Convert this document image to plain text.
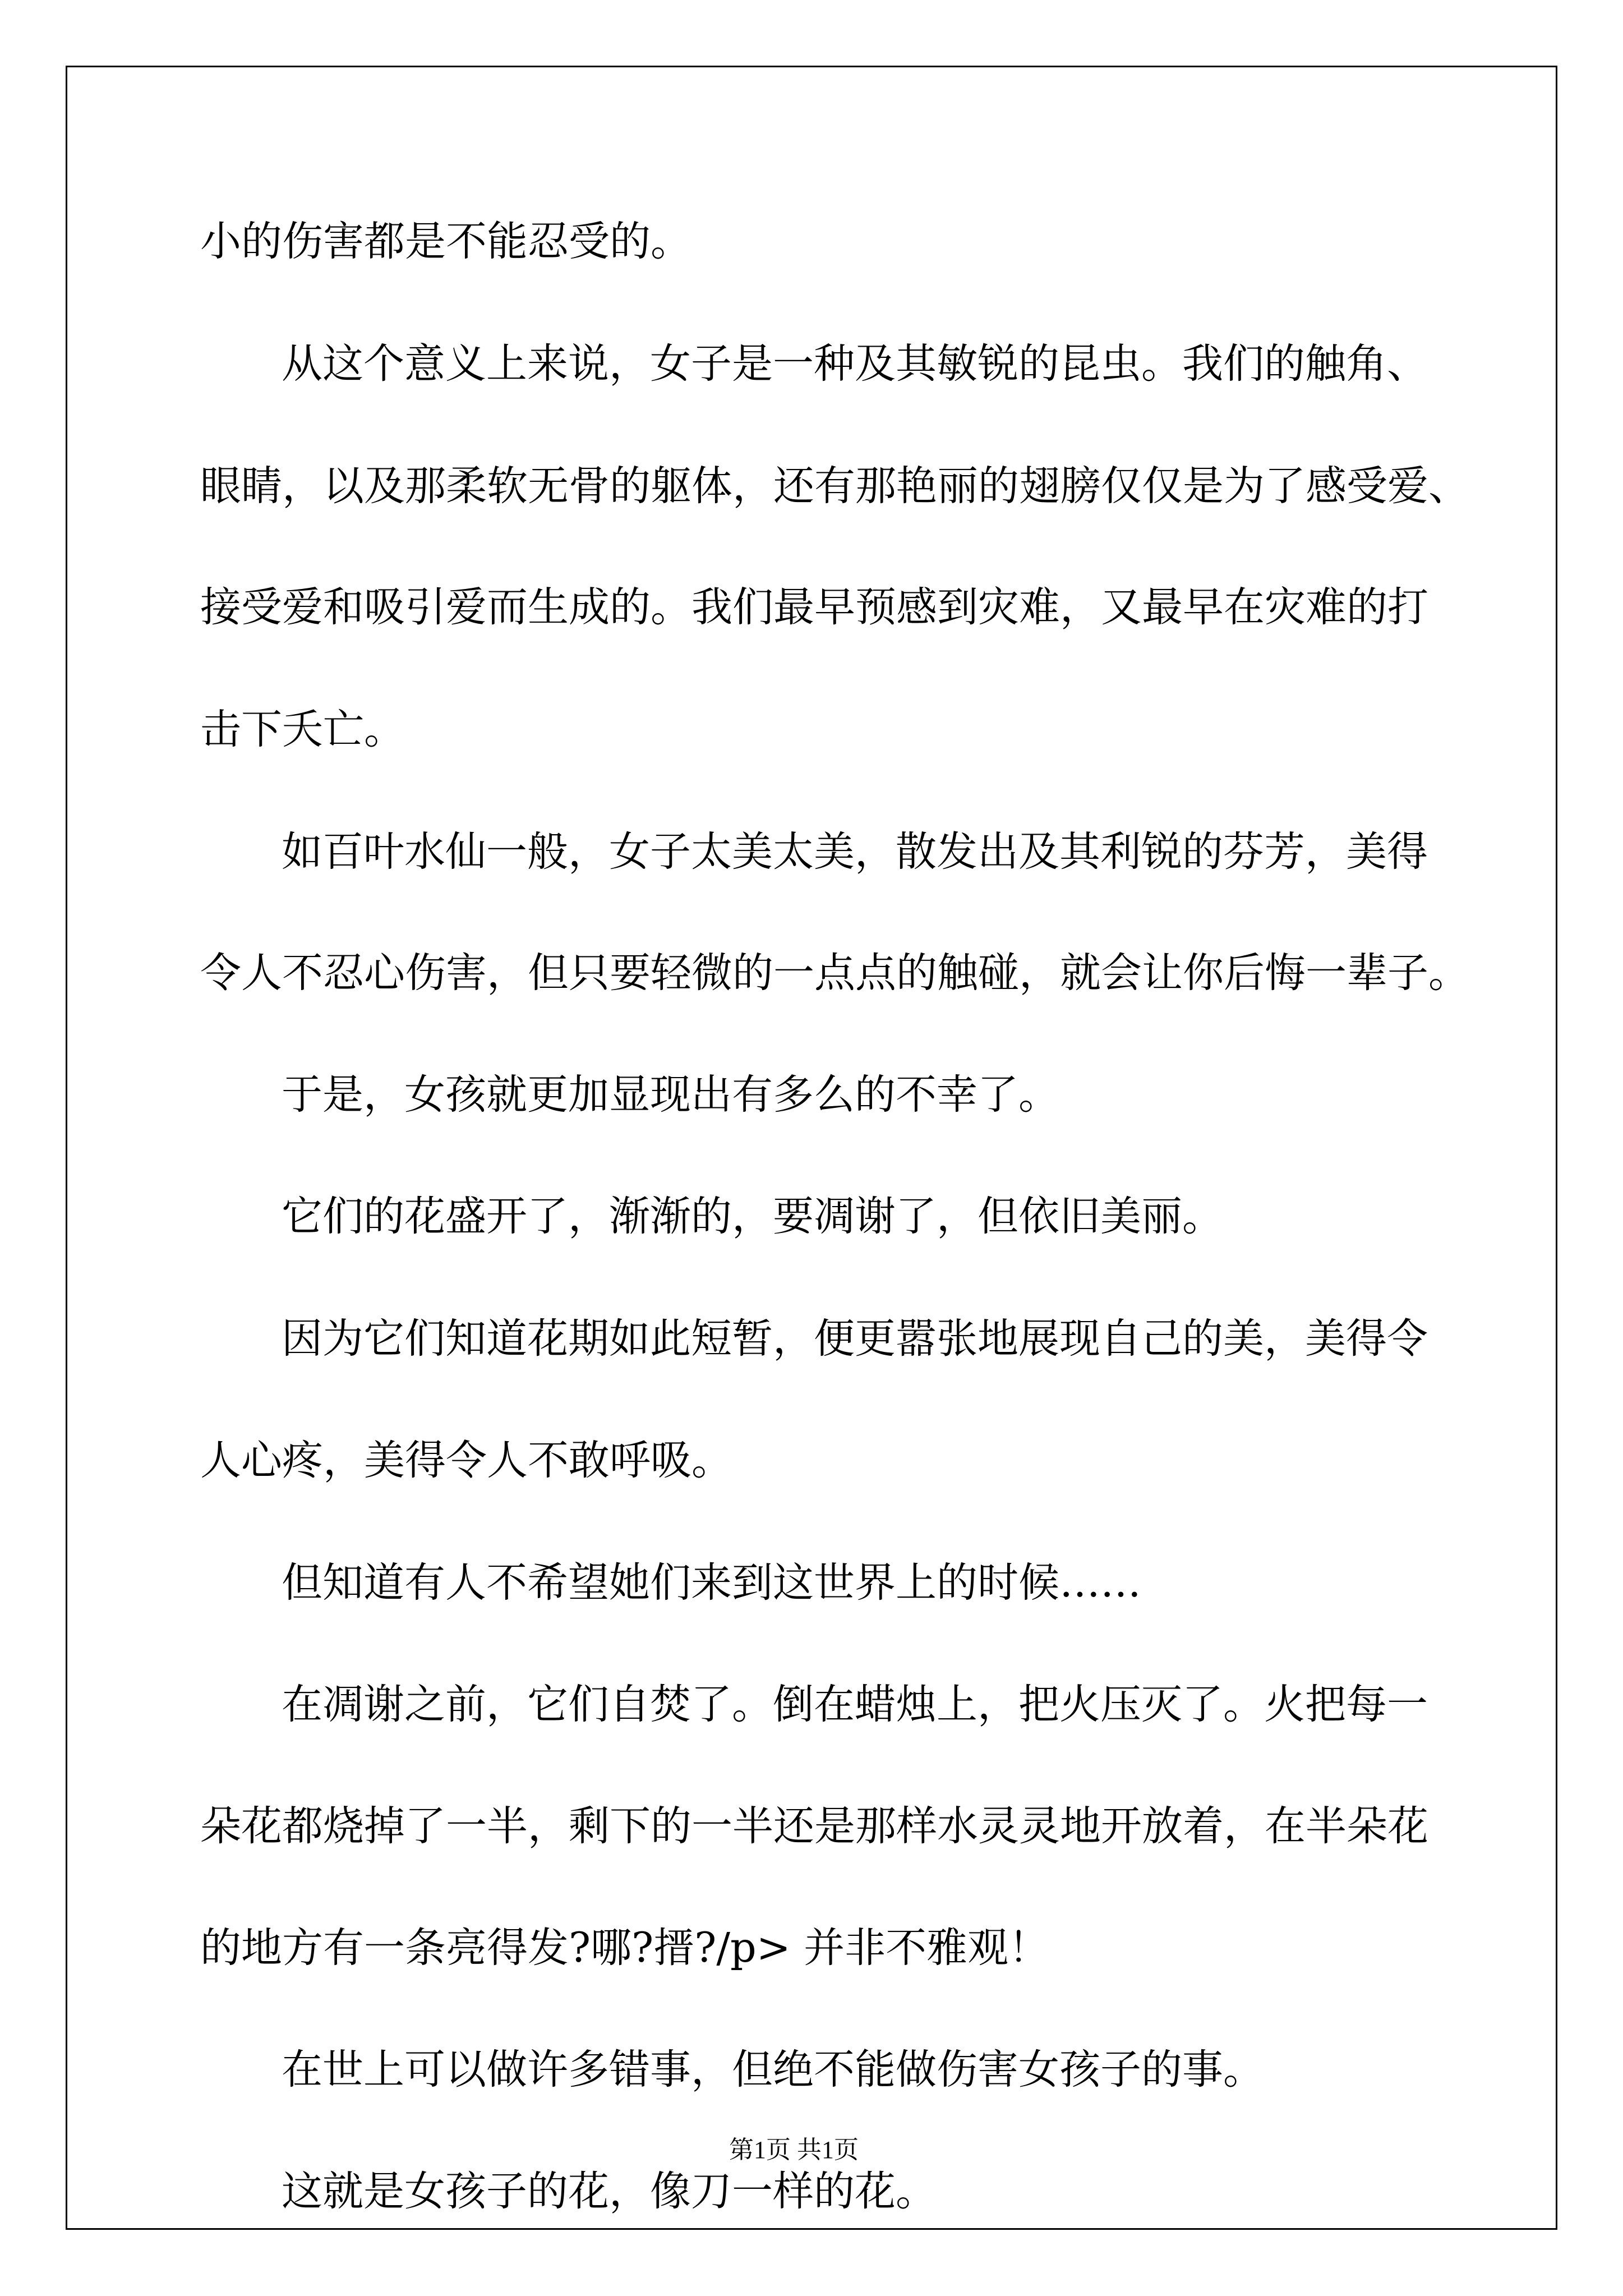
小的伤害都是不能忍受的。

从这个意义上来说，女子是一种及其敏锐的昆虫。我们的触角、

眼睛，以及那柔软无骨的躯体，还有那艳丽的翅膀仅仅是为了感受爱、

接受爱和吸引爱而生成的。我们最早预感到灾难，又最早在灾难的打

击下夭亡。

如百叶水仙一般，女子太美太美，散发出及其利锐的芬芳，美得

令人不忍心伤害，但只要轻微的一点点的触碰，就会让你后悔一辈子。

于是，女孩就更加显现出有多么的不幸了。

它们的花盛开了，渐渐的，要凋谢了，但依旧美丽。

因为它们知道花期如此短暂，便更嚣张地展现自己的美，美得令

人心疼，美得令人不敢呼吸。

但知道有人不希望她们来到这世界上的时候……

在凋谢之前，它们自焚了。倒在蜡烛上，把火压灭了。火把每一

朵花都烧掉了一半，剩下的一半还是那样水灵灵地开放着，在半朵花

的地方有一条亮得发?哪?搢?/p> 并非不雅观！

在世上可以做许多错事，但绝不能做伤害女孩子的事。

这就是女孩子的花，像刀一样的花。

第1页 共1页
